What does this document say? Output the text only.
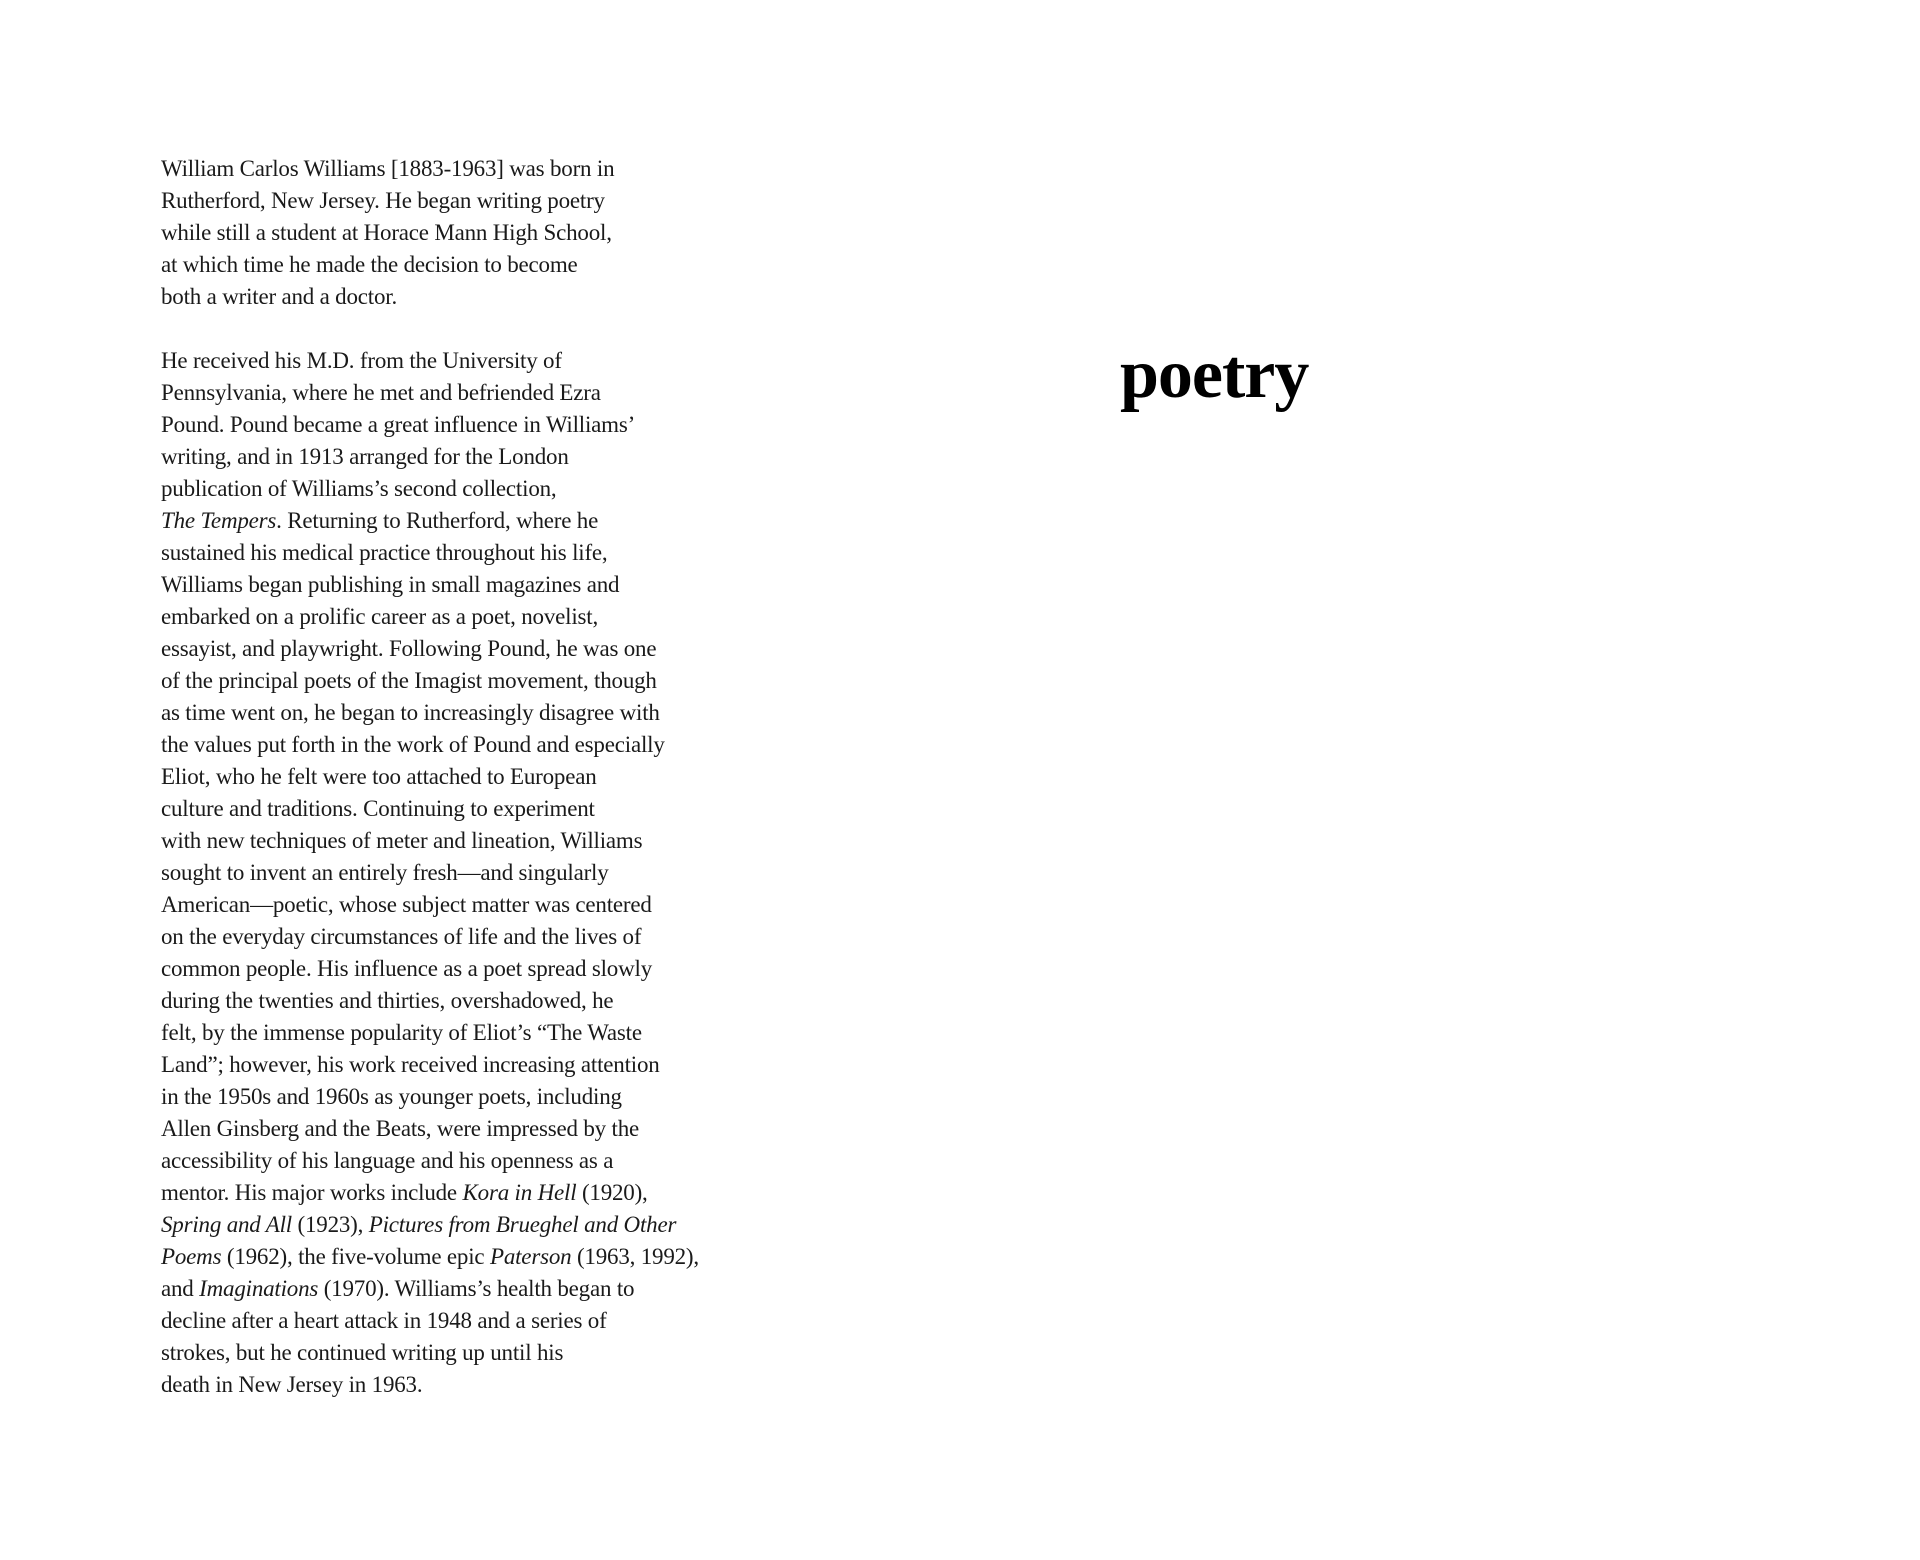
William Carlos Williams [1883-1963] was born in
Rutherford, New Jersey. He began writing poetry
while still a student at Horace Mann High School,
at which time he made the decision to become
both a writer and a doctor.
He received his M.D. from the University of
Pennsylvania, where he met and befriended Ezra
Pound. Pound became a great influence in Williams’
writing, and in 1913 arranged for the London
publication of Williams’s second collection,
The Tempers. Returning to Rutherford, where he
sustained his medical practice throughout his life,
Williams began publishing in small magazines and
embarked on a prolific career as a poet, novelist,
essayist, and playwright. Following Pound, he was one
of the principal poets of the Imagist movement, though
as time went on, he began to increasingly disagree with
the values put forth in the work of Pound and especially
Eliot, who he felt were too attached to European
culture and traditions. Continuing to experiment
with new techniques of meter and lineation, Williams
sought to invent an entirely fresh—and singularly
American—poetic, whose subject matter was centered
on the everyday circumstances of life and the lives of
common people. His influence as a poet spread slowly
during the twenties and thirties, overshadowed, he
felt, by the immense popularity of Eliot’s “The Waste
Land”; however, his work received increasing attention
in the 1950s and 1960s as younger poets, including
Allen Ginsberg and the Beats, were impressed by the
accessibility of his language and his openness as a
mentor. His major works include Kora in Hell (1920),
Spring and All (1923), Pictures from Brueghel and Other
Poems (1962), the five-volume epic Paterson (1963, 1992),
and Imaginations (1970). Williams’s health began to
decline after a heart attack in 1948 and a series of
strokes, but he continued writing up until his
death in New Jersey in 1963.
poetry
